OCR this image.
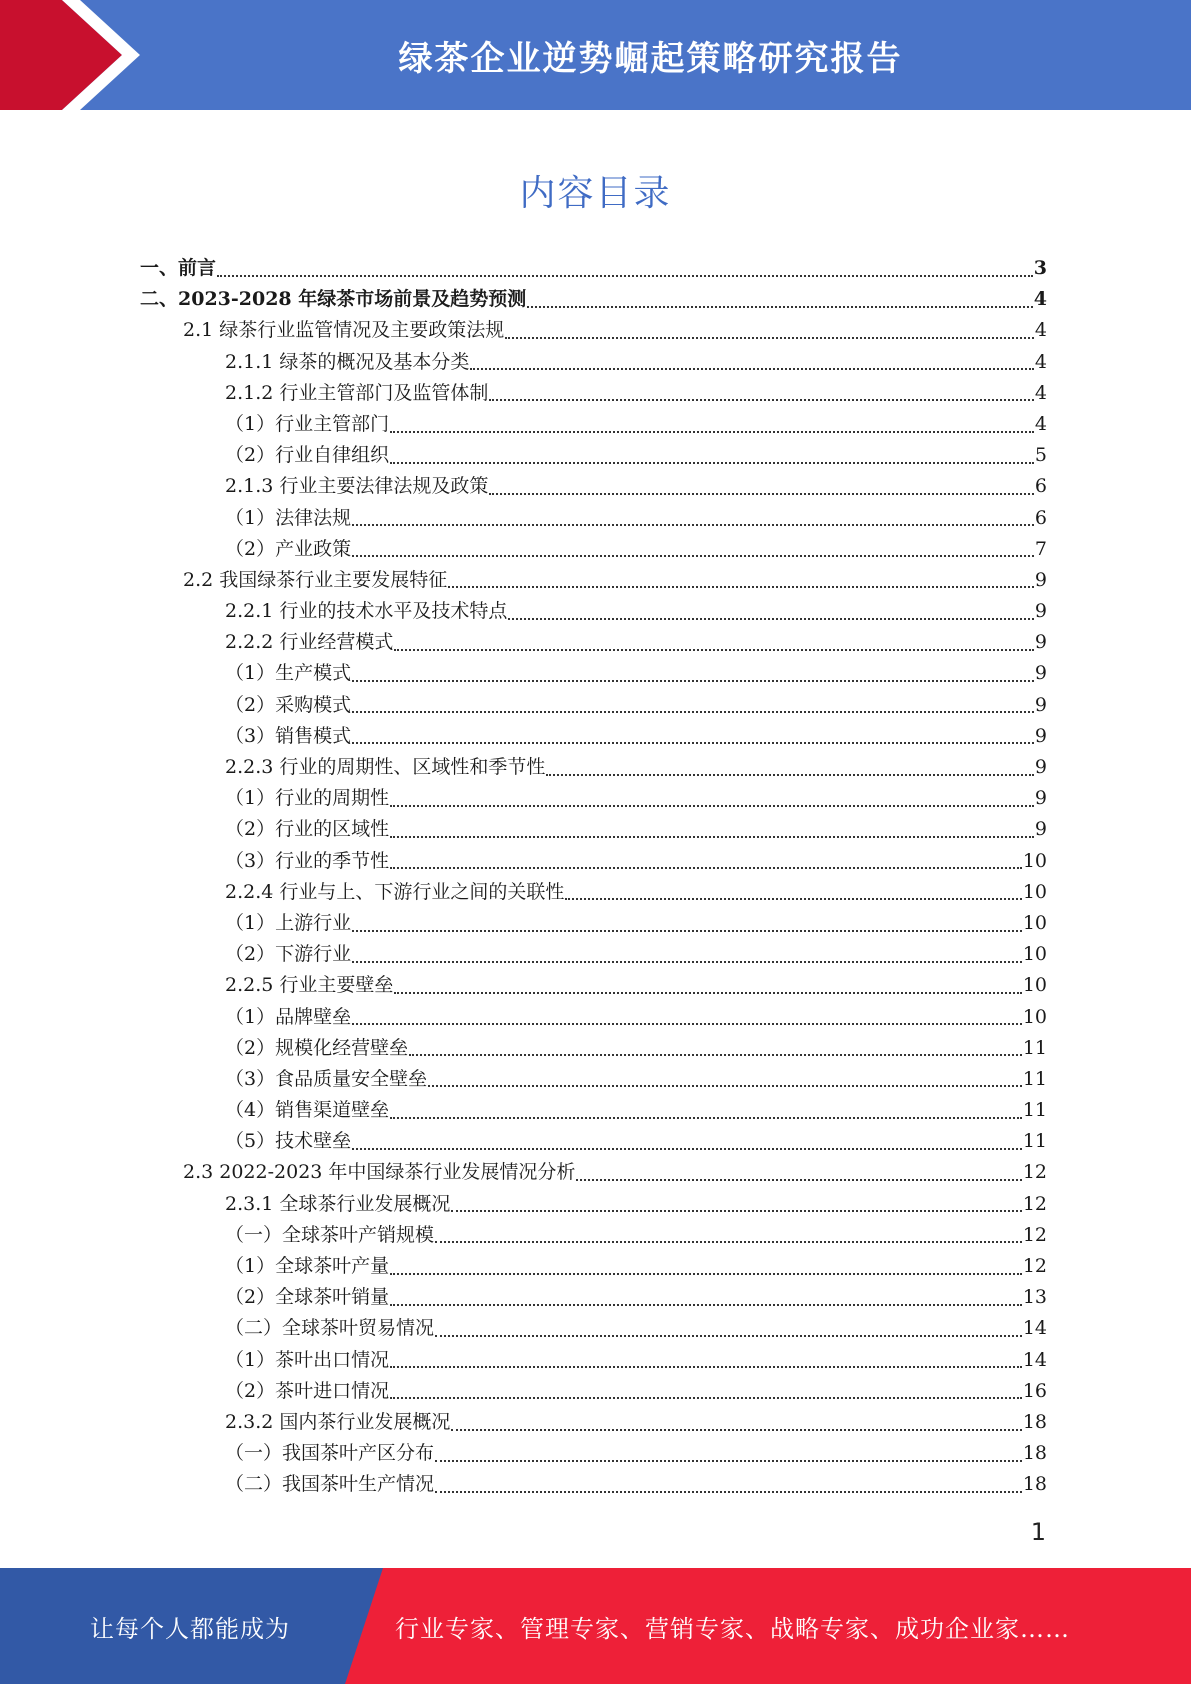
绿茶企业逆势崛起策略研究报告
内容目录
一、前言	3
二、2023-2028 年绿茶市场前景及趋势预测	4
2.1 绿茶行业监管情况及主要政策法规	4
2.1.1 绿茶的概况及基本分类	4
2.1.2 行业主管部门及监管体制	4
（1）行业主管部门	4
（2）行业自律组织	5
2.1.3 行业主要法律法规及政策	6
（1）法律法规	6
（2）产业政策	7
2.2 我国绿茶行业主要发展特征	9
2.2.1 行业的技术水平及技术特点	9
2.2.2 行业经营模式	9
（1）生产模式	9
（2）采购模式	9
（3）销售模式	9
2.2.3 行业的周期性、区域性和季节性	9
（1）行业的周期性	9
（2）行业的区域性	9
（3）行业的季节性	10
2.2.4 行业与上、下游行业之间的关联性	10
（1）上游行业	10
（2）下游行业	10
2.2.5 行业主要壁垒	10
（1）品牌壁垒	10
（2）规模化经营壁垒	11
（3）食品质量安全壁垒	11
（4）销售渠道壁垒	11
（5）技术壁垒	11
2.3 2022-2023 年中国绿茶行业发展情况分析	12
2.3.1 全球茶行业发展概况	12
（一）全球茶叶产销规模	12
（1）全球茶叶产量	12
（2）全球茶叶销量	13
（二）全球茶叶贸易情况	14
（1）茶叶出口情况	14
（2）茶叶进口情况	16
2.3.2 国内茶行业发展概况	18
（一）我国茶叶产区分布	18
（二）我国茶叶生产情况	18
1
让每个人都能成为	行业专家、管理专家、营销专家、战略专家、成功企业家……
